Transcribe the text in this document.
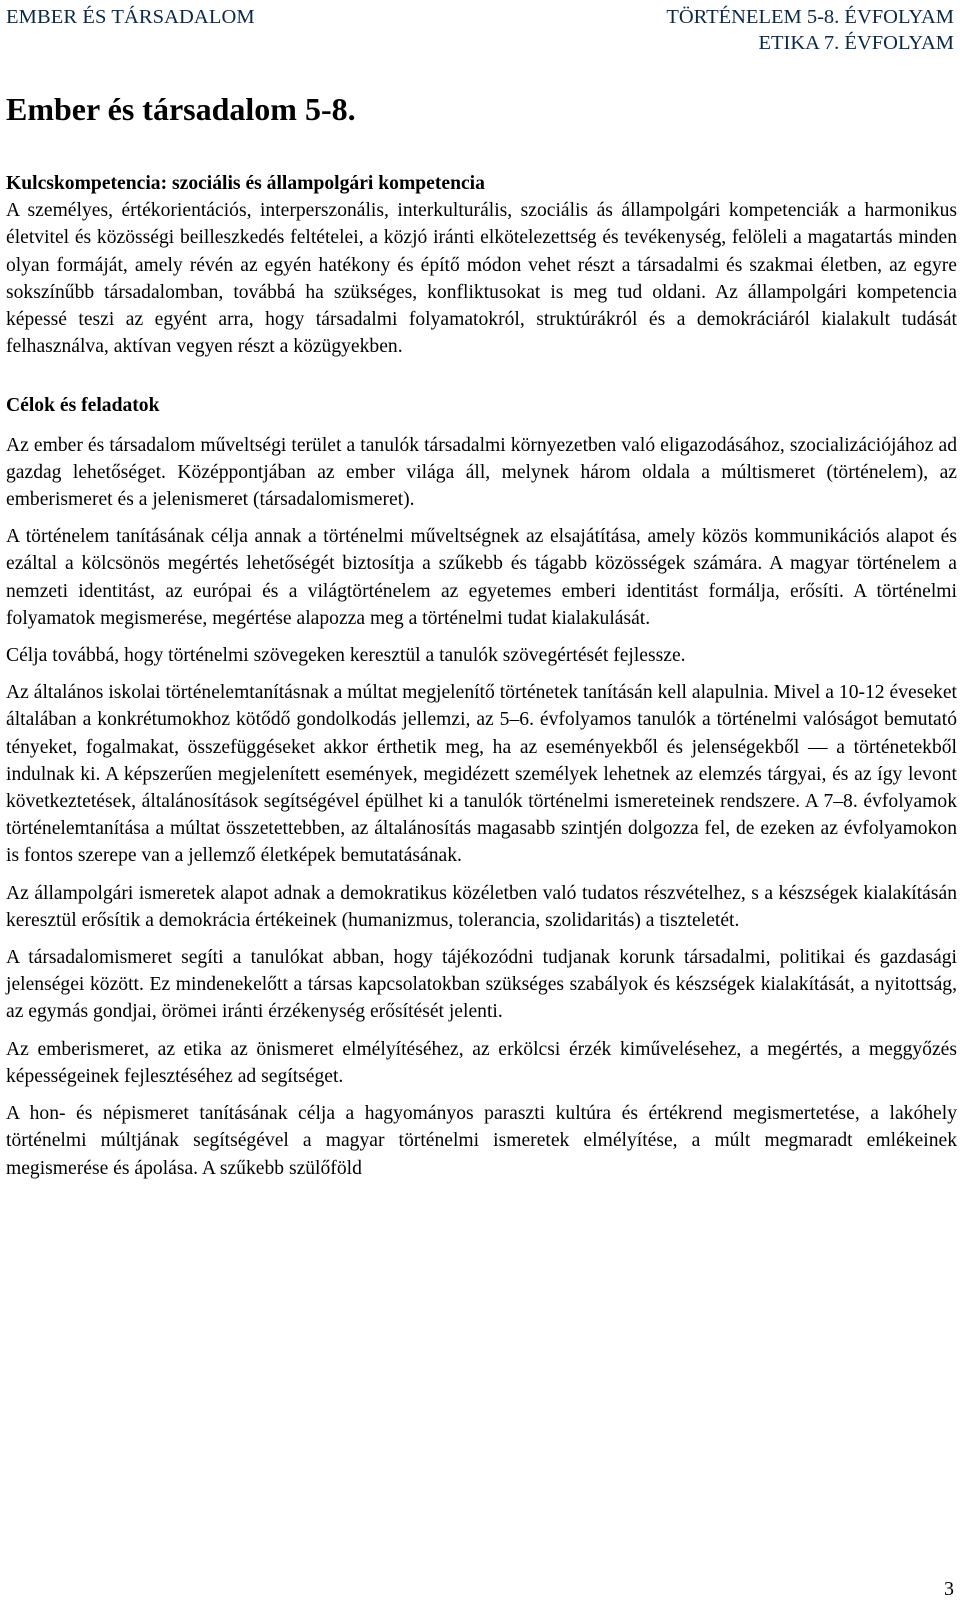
EMBER ÉS TÁRSADALOM	TÖRTÉNELEM 5-8. ÉVFOLYAM
ETIKA 7. ÉVFOLYAM
Ember és társadalom 5-8.

Kulcskompetencia: szociális és állampolgári kompetencia
A személyes, értékorientációs, interperszonális, interkulturális, szociális ás állampolgári kompetenciák a harmonikus életvitel és közösségi beilleszkedés feltételei, a közjó iránti elkötelezettség és tevékenység, felöleli a magatartás minden olyan formáját, amely révén az egyén hatékony és építő módon vehet részt a társadalmi és szakmai életben, az egyre sokszínűbb társadalomban, továbbá ha szükséges, konfliktusokat is meg tud oldani. Az állampolgári kompetencia képessé teszi az egyént arra, hogy társadalmi folyamatokról, struktúrákról és a demokráciáról kialakult tudását felhasználva, aktívan vegyen részt a közügyekben.

Célok és feladatok

Az ember és társadalom műveltségi terület a tanulók társadalmi környezetben való eligazodásához, szocializációjához ad gazdag lehetőséget. Középpontjában az ember világa áll, melynek három oldala a múltismeret (történelem), az emberismeret és a jelenismeret (társadalomismeret).

A történelem tanításának célja annak a történelmi műveltségnek az elsajátítása, amely közös kommunikációs alapot és ezáltal a kölcsönös megértés lehetőségét biztosítja a szűkebb és tágabb közösségek számára. A magyar történelem a nemzeti identitást, az európai és a világtörténelem az egyetemes emberi identitást formálja, erősíti. A történelmi folyamatok megismerése, megértése alapozza meg a történelmi tudat kialakulását.

Célja továbbá, hogy történelmi szövegeken keresztül a tanulók szövegértését fejlessze.

Az általános iskolai történelemtanításnak a múltat megjelenítő történetek tanításán kell alapulnia. Mivel a 10-12 éveseket általában a konkrétumokhoz kötődő gondolkodás jellemzi, az 5–6. évfolyamos tanulók a történelmi valóságot bemutató tényeket, fogalmakat, összefüggéseket akkor érthetik meg, ha az eseményekből és jelenségekből — a történetekből indulnak ki. A képszerűen megjelenített események, megidézett személyek lehetnek az elemzés tárgyai, és az így levont következtetések, általánosítások segítségével épülhet ki a tanulók történelmi ismereteinek rendszere. A 7–8. évfolyamok történelemtanítása a múltat összetettebben, az általánosítás magasabb szintjén dolgozza fel, de ezeken az évfolyamokon is fontos szerepe van a jellemző életképek bemutatásának.

Az állampolgári ismeretek alapot adnak a demokratikus közéletben való tudatos részvételhez, s a készségek kialakításán keresztül erősítik a demokrácia értékeinek (humanizmus, tolerancia, szolidaritás) a tiszteletét.

A társadalomismeret segíti a tanulókat abban, hogy tájékozódni tudjanak korunk társadalmi, politikai és gazdasági jelenségei között. Ez mindenekelőtt a társas kapcsolatokban szükséges szabályok és készségek kialakítását, a nyitottság, az egymás gondjai, örömei iránti érzékenység erősítését jelenti.

Az emberismeret, az etika az önismeret elmélyítéséhez, az erkölcsi érzék kiművelésehez, a megértés, a meggyőzés képességeinek fejlesztéséhez ad segítséget.

A hon- és népismeret tanításának célja a hagyományos paraszti kultúra és értékrend megismertetése, a lakóhely történelmi múltjának segítségével a magyar történelmi ismeretek elmélyítése, a múlt megmaradt emlékeinek megismerése és ápolása. A szűkebb szülőföld

3
